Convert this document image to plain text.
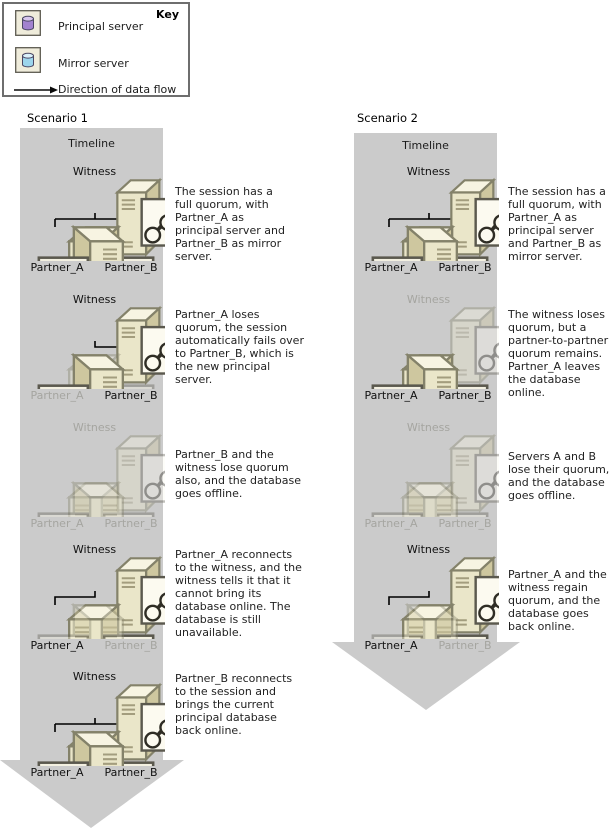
Key
Principal server
Mirror server
Direction of data flow
Scenario 1	Scenario 2
Timeline	Timeline
Witness
Partner_A	Partner_B
Witness
Partner_A	Partner_B
Witness
Partner_A	Partner_B
Witness
Partner_A	Partner_B
Witness
Partner_A	Partner_B
The session has a full quorum, with Partner_A as principal server and Partner_B as mirror server.
Partner_A loses quorum, the session automatically fails over to Partner_B, which is the new principal server.
Partner_B and the witness lose quorum also, and the database goes offline.
Partner_A reconnects to the witness, and the witness tells it that it cannot bring its database online. The database is still unavailable.
Partner_B reconnects to the session and brings the current principal database back online.
Witness
Partner_A	Partner_B
Witness
Partner_A	Partner_B
Witness
Partner_A	Partner_B
Witness
Partner_A	Partner_B
The session has a full quorum, with Partner_A as principal server and Partner_B as mirror server.
The witness loses quorum, but a partner-to-partner quorum remains. Partner_A leaves the database online.
Servers A and B lose their quorum, and the database goes offline.
Partner_A and the witness regain quorum, and the database goes back online.
